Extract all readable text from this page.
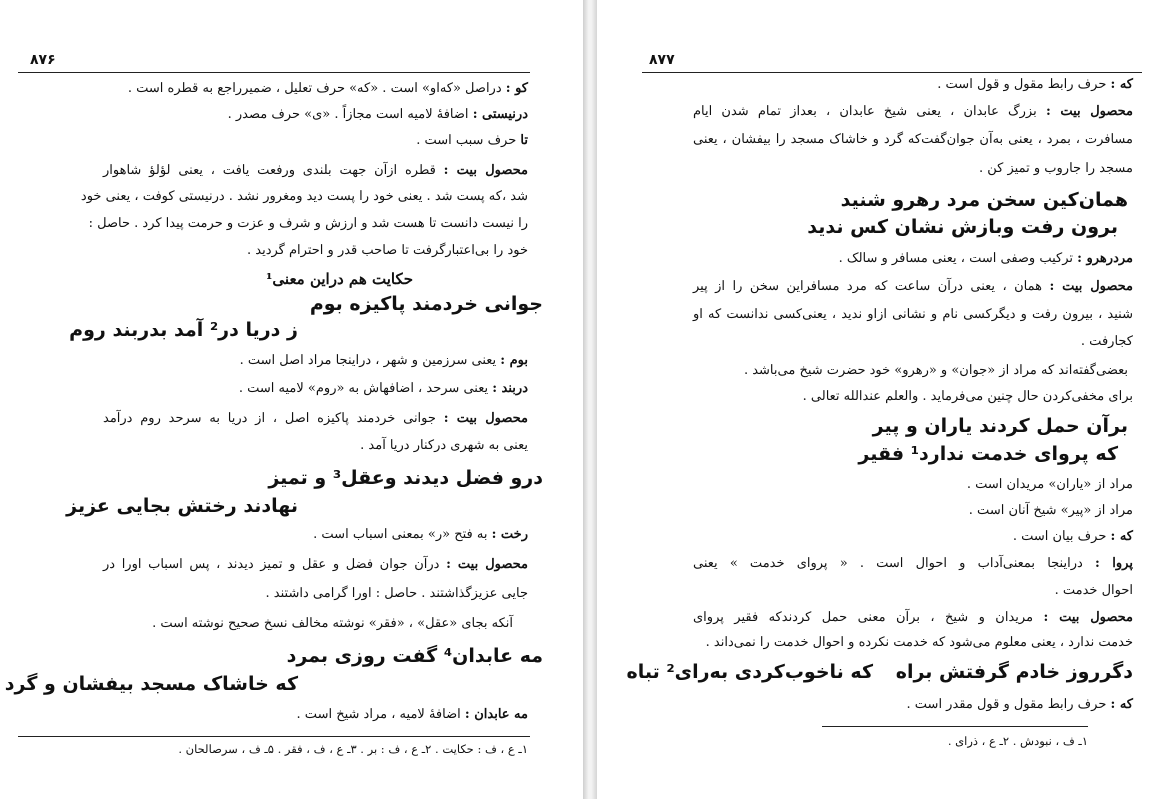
۸۷۶
کو : دراصل «که‌او» است . «که» حرف تعلیل ، ضمیرراجع به قطره است .
درنیستی : اضافهٔ لامیه است مجازاً . «ی» حرف مصدر .
تا حرف سبب است .
محصول بیت : قطره ازآن جهت بلندی ورفعت یافت ، یعنی لؤلؤ شاهوار
شد ،که پست شد . یعنی خود را پست دید ومغرور نشد . درنیستی کوفت ، یعنی خود
را نیست دانست تا هست شد و ارزش و شرف و عزت و حرمت پیدا کرد . حاصل :
خود را بی‌اعتبارگرفت تا صاحب قدر و احترام گردید .
حکایت هم دراین معنی¹
جوانی خردمند پاکیزه بوم
ز دریا در² آمد بدربند روم
بوم : یعنی سرزمین و شهر ، دراینجا مراد اصل است .
دربند : یعنی سرحد ، اضافهاش به «روم» لامیه است .
محصول بیت : جوانی خردمند پاکیزه اصل ، از دریا به سرحد روم درآمد
یعنی به شهری درکنار دریا آمد .
درو فضل دیدند وعقل³ و تمیز
نهادند رختش بجایی عزیز
رخت : به فتح «ر» بمعنی اسباب است .
محصول بیت : درآن جوان فضل و عقل و تمیز دیدند ، پس اسباب اورا در
جایی عزیزگذاشتند . حاصل : اورا گرامی داشتند .
آنکه بجای «عقل» ، «فقر» نوشته مخالف نسخ صحیح نوشته است .
مه عابدان⁴ گفت روزی بمرد
که خاشاک مسجد بیفشان و گرد
مه عابدان : اضافهٔ لامیه ، مراد شیخ است .
۱ـ ع ، ف : حکایت . ۲ـ ع ، ف : بر . ۳ـ ع ، ف ، فقر . ۵ـ ف ، سرصالحان .
۸۷۷
که : حرف رابط مقول و قول است .
محصول بیت : بزرگ عابدان ، یعنی شیخ عابدان ، بعداز تمام شدن ایام
مسافرت ، بمرد ، یعنی به‌آن جوان‌گفت‌که گرد و خاشاک مسجد را بیفشان ، یعنی
مسجد را جاروب و تمیز کن .
همان‌کین سخن مرد رهرو شنید
برون رفت وبازش نشان کس ندید
مردرهرو : ترکیب وصفی است ، یعنی مسافر و سالک .
محصول بیت : همان ، یعنی درآن ساعت که مرد مسافراین سخن را از پیر
شنید ، بیرون رفت و دیگرکسی نام و نشانی ازاو ندید ، یعنی‌کسی ندانست که او
کجارفت .
بعضی‌گفته‌اند که مراد از «جوان» و «رهرو» خود حضرت شیخ می‌باشد .
برای مخفی‌کردن حال چنین می‌فرماید . والعلم عندالله تعالی .
برآن حمل کردند یاران و پیر
که پروای خدمت ندارد¹ فقیر
مراد از «یاران» مریدان است .
مراد از «پیر» شیخ آنان است .
که : حرف بیان است .
پروا : دراینجا بمعنی‌آداب و احوال است . « پروای خدمت » یعنی
احوال خدمت .
محصول بیت : مریدان و شیخ ، برآن معنی حمل کردندکه فقیر پروای
خدمت ندارد ، یعنی معلوم می‌شود که خدمت نکرده و احوال خدمت را نمی‌داند .
دگرروز خادم گرفتش براه
که ناخوب‌کردی به‌رای² تباه
که : حرف رابط مقول و قول مقدر است .
۱ـ ف ، نبودش . ۲ـ ع ، ذرای .
